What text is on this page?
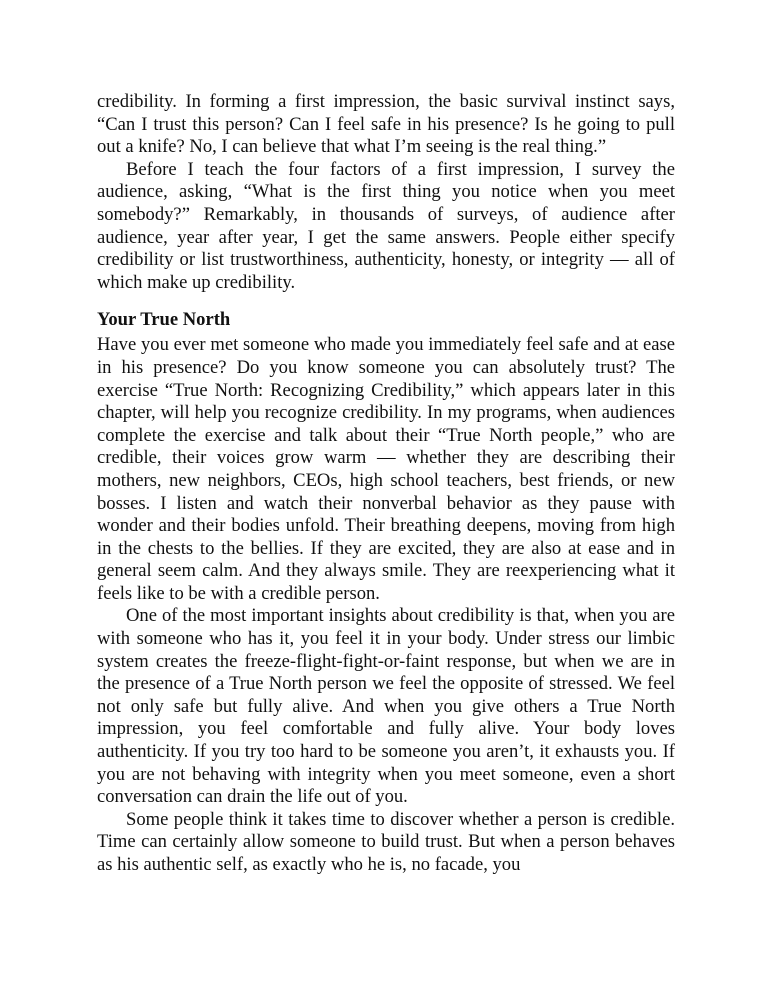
credibility. In forming a first impression, the basic survival instinct says, “Can I trust this person? Can I feel safe in his presence? Is he going to pull out a knife? No, I can believe that what I’m seeing is the real thing.”

Before I teach the four factors of a first impression, I survey the audience, asking, “What is the first thing you notice when you meet somebody?” Remarkably, in thousands of surveys, of audience after audience, year after year, I get the same answers. People either specify credibility or list trustworthiness, authenticity, honesty, or integrity — all of which make up credibility.

Your True North

Have you ever met someone who made you immediately feel safe and at ease in his presence? Do you know someone you can absolutely trust? The exercise “True North: Recognizing Credibility,” which appears later in this chapter, will help you recognize credibility. In my programs, when audiences complete the exercise and talk about their “True North people,” who are credible, their voices grow warm — whether they are describing their mothers, new neighbors, CEOs, high school teachers, best friends, or new bosses. I listen and watch their nonverbal behavior as they pause with wonder and their bodies unfold. Their breathing deepens, moving from high in the chests to the bellies. If they are excited, they are also at ease and in general seem calm. And they always smile. They are reexperiencing what it feels like to be with a credible person.

One of the most important insights about credibility is that, when you are with someone who has it, you feel it in your body. Under stress our limbic system creates the freeze-flight-fight-or-faint response, but when we are in the presence of a True North person we feel the opposite of stressed. We feel not only safe but fully alive. And when you give others a True North impression, you feel comfortable and fully alive. Your body loves authenticity. If you try too hard to be someone you aren’t, it exhausts you. If you are not behaving with integrity when you meet someone, even a short conversation can drain the life out of you.

Some people think it takes time to discover whether a person is credible. Time can certainly allow someone to build trust. But when a person behaves as his authentic self, as exactly who he is, no facade, you
